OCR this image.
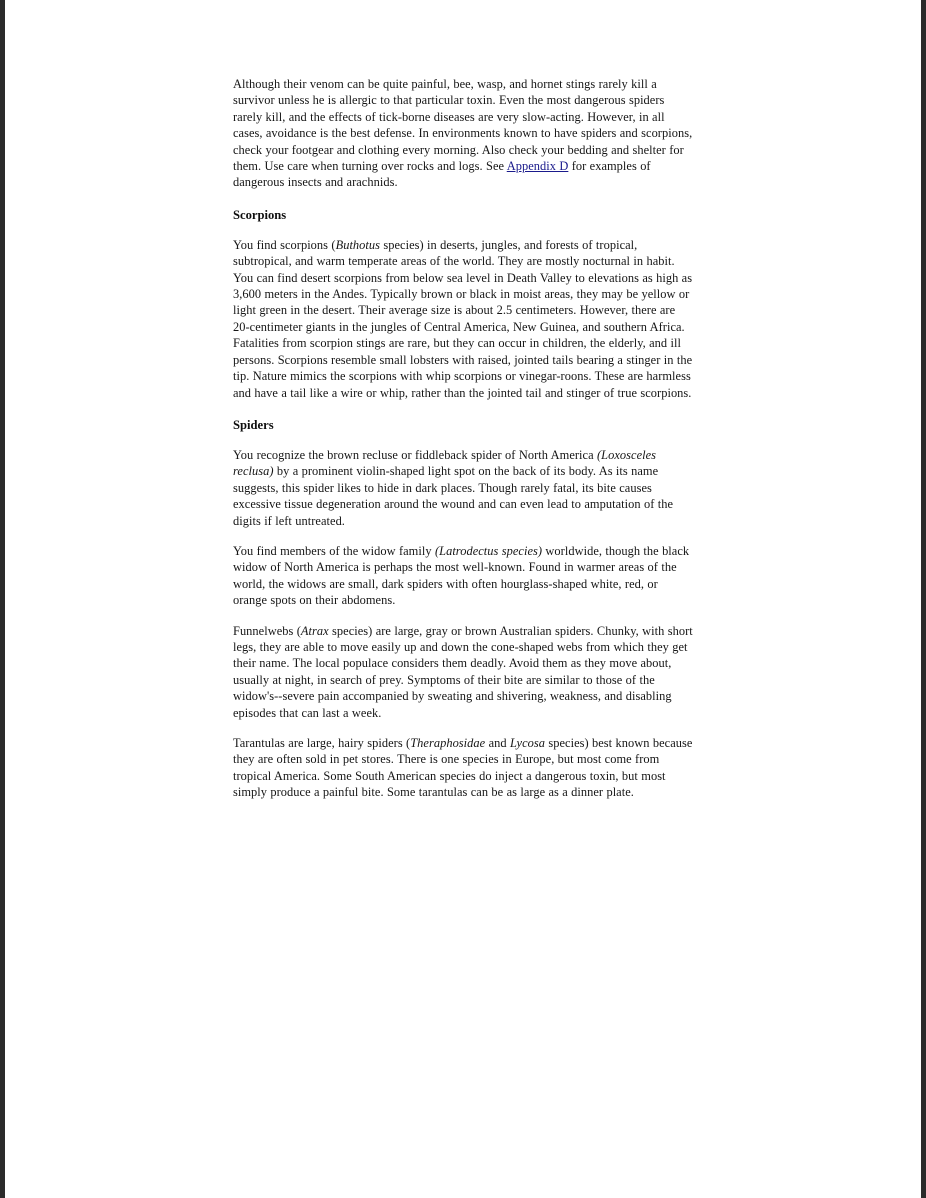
Although their venom can be quite painful, bee, wasp, and hornet stings rarely kill a survivor unless he is allergic to that particular toxin. Even the most dangerous spiders rarely kill, and the effects of tick-borne diseases are very slow-acting. However, in all cases, avoidance is the best defense. In environments known to have spiders and scorpions, check your footgear and clothing every morning. Also check your bedding and shelter for them. Use care when turning over rocks and logs. See Appendix D for examples of dangerous insects and arachnids.

Scorpions

You find scorpions (Buthotus species) in deserts, jungles, and forests of tropical, subtropical, and warm temperate areas of the world. They are mostly nocturnal in habit. You can find desert scorpions from below sea level in Death Valley to elevations as high as 3,600 meters in the Andes. Typically brown or black in moist areas, they may be yellow or light green in the desert. Their average size is about 2.5 centimeters. However, there are 20-centimeter giants in the jungles of Central America, New Guinea, and southern Africa. Fatalities from scorpion stings are rare, but they can occur in children, the elderly, and ill persons. Scorpions resemble small lobsters with raised, jointed tails bearing a stinger in the tip. Nature mimics the scorpions with whip scorpions or vinegar-roons. These are harmless and have a tail like a wire or whip, rather than the jointed tail and stinger of true scorpions.

Spiders

You recognize the brown recluse or fiddleback spider of North America (Loxosceles reclusa) by a prominent violin-shaped light spot on the back of its body. As its name suggests, this spider likes to hide in dark places. Though rarely fatal, its bite causes excessive tissue degeneration around the wound and can even lead to amputation of the digits if left untreated.

You find members of the widow family (Latrodectus species) worldwide, though the black widow of North America is perhaps the most well-known. Found in warmer areas of the world, the widows are small, dark spiders with often hourglass-shaped white, red, or orange spots on their abdomens.

Funnelwebs (Atrax species) are large, gray or brown Australian spiders. Chunky, with short legs, they are able to move easily up and down the cone-shaped webs from which they get their name. The local populace considers them deadly. Avoid them as they move about, usually at night, in search of prey. Symptoms of their bite are similar to those of the widow's--severe pain accompanied by sweating and shivering, weakness, and disabling episodes that can last a week.

Tarantulas are large, hairy spiders (Theraphosidae and Lycosa species) best known because they are often sold in pet stores. There is one species in Europe, but most come from tropical America. Some South American species do inject a dangerous toxin, but most simply produce a painful bite. Some tarantulas can be as large as a dinner plate.
